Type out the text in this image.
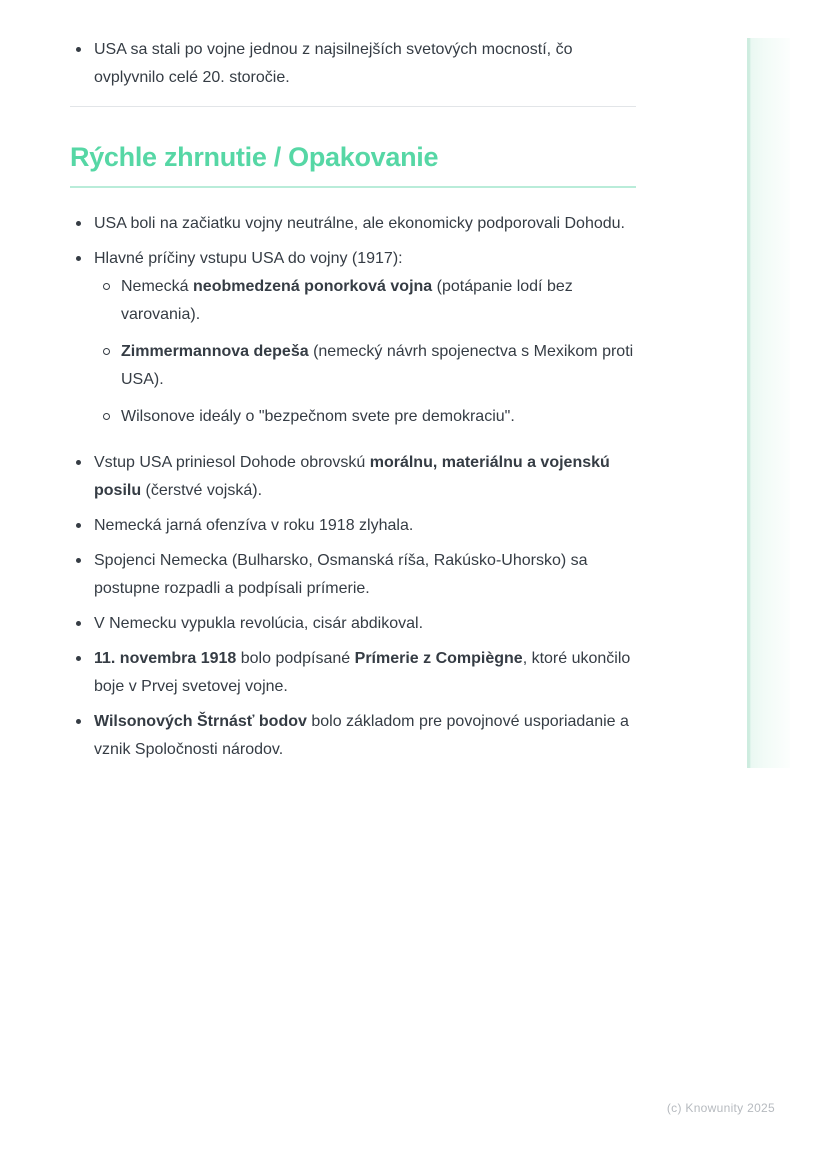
USA sa stali po vojne jednou z najsilnejších svetových mocností, čo ovplyvnilo celé 20. storočie.
Rýchle zhrnutie / Opakovanie
USA boli na začiatku vojny neutrálne, ale ekonomicky podporovali Dohodu.
Hlavné príčiny vstupu USA do vojny (1917):
Nemecká neobmedzená ponorková vojna (potápanie lodí bez varovania).
Zimmermannova depeša (nemecký návrh spojenectva s Mexikom proti USA).
Wilsonove ideály o "bezpečnom svete pre demokraciu".
Vstup USA priniesol Dohode obrovskú morálnu, materiálnu a vojenskú posilu (čerstvé vojská).
Nemecká jarná ofenzíva v roku 1918 zlyhala.
Spojenci Nemecka (Bulharsko, Osmanská ríša, Rakúsko-Uhorsko) sa postupne rozpadli a podpísali prímerie.
V Nemecku vypukla revolúcia, cisár abdikoval.
11. novembra 1918 bolo podpísané Prímerie z Compiègne, ktoré ukončilo boje v Prvej svetovej vojne.
Wilsonových Štrnásť bodov bolo základom pre povojnové usporiadanie a vznik Spoločnosti národov.
(c) Knowunity 2025
